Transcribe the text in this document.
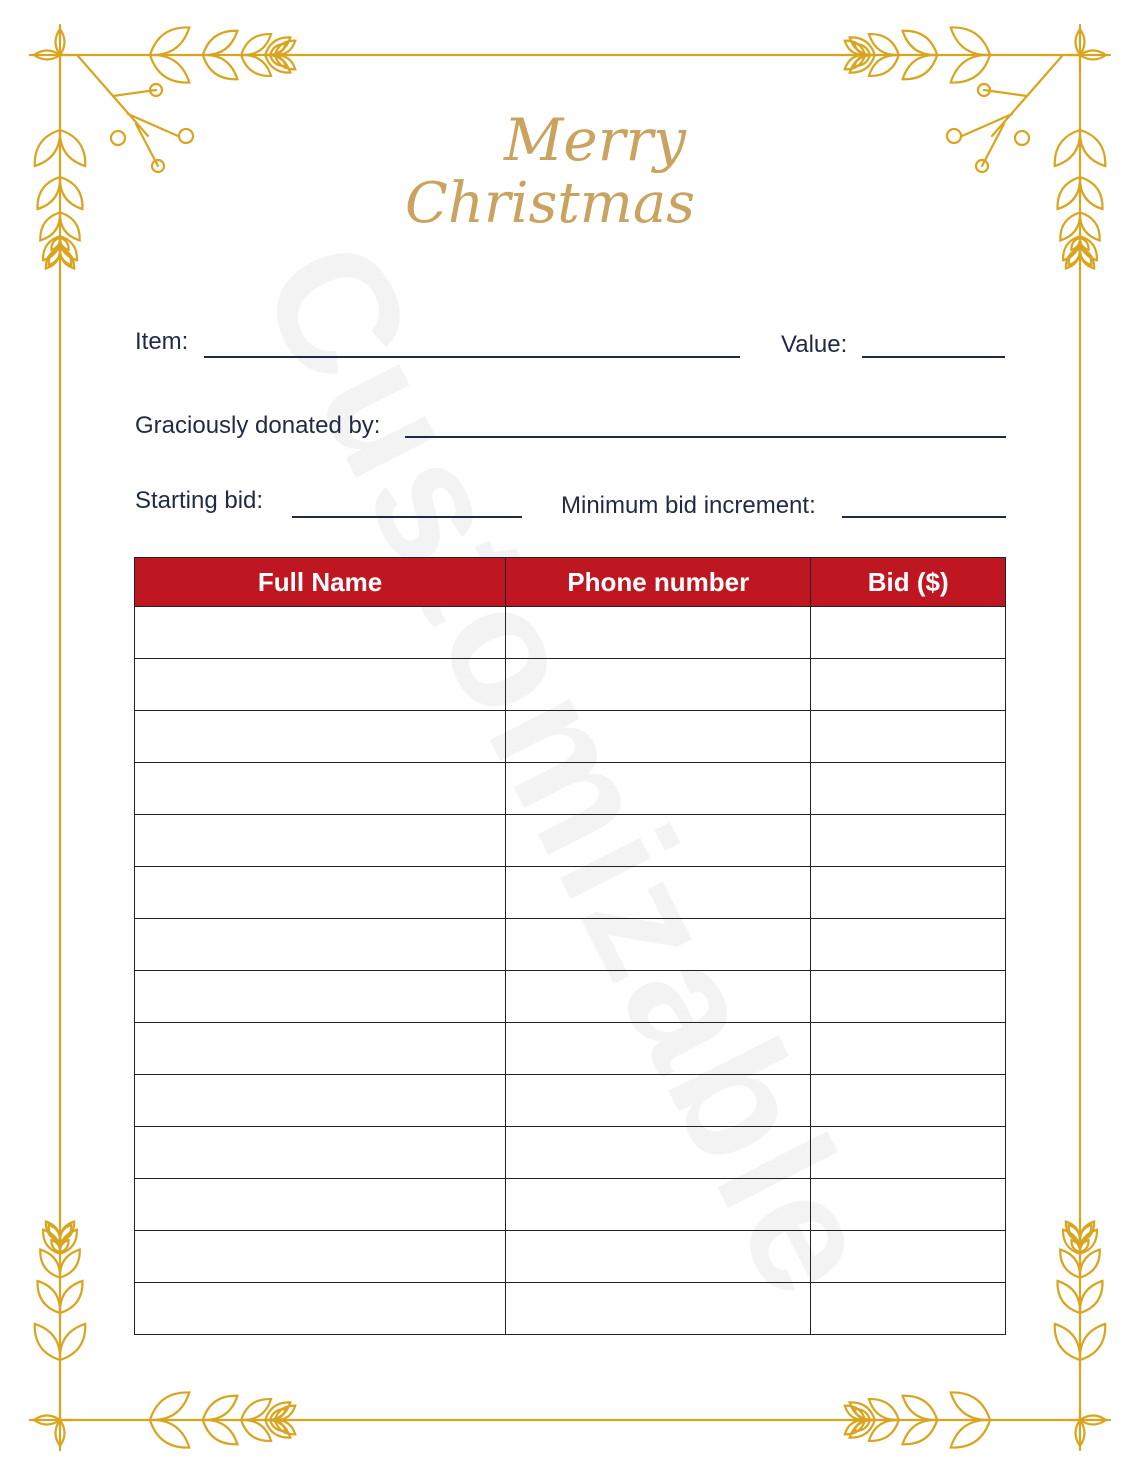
Merry
Christmas
Item:	Value:
Graciously donated by:
Starting bid:	Minimum bid increment:
Full Name	Phone number	Bid ($)
